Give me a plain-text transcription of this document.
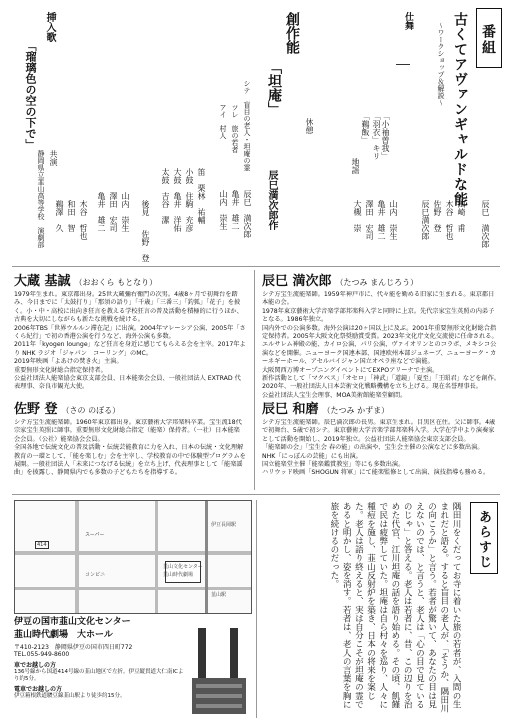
番組
古くてアヴァンギャルドな能
～ワークショップ＆解説～
仕舞
「小袖曽我」
「羽衣」キリ
「鵜飯」
地謡
田崎　甫
木谷　哲也
佐野　登
辰巳満次郎
山内　崇生
亀井　雄二
澤田　宏司
大槻　崇	辰巳　満次郎
休憩
創作能
「坦庵」
辰巳満次郎作
シテ　盲目の老人・坦庵の霊
ツレ　旅の若者
アイ　村人
辰巳　満次郎
亀井　雄二
山内　崇生
笛　栗林　祐輔
小鼓　住駒　充彦
大鼓　亀井　洋佑
太鼓　吉谷　潔
後見
佐野　登
山内　崇生
澤田　宏司
亀井　雄二
挿入歌
「瑠璃色の空の下で」
共演
静岡県立韮山高等学校　演劇部	木谷　哲也
和田　智
鵜澤　久
大蔵 基誠 （おおくら もとなり）
1979年生まれ。東京都出身。25世大蔵彌右衛門の次男。4歳8ヶ月で初舞台を踏み、今日までに「太鼓打り」「那須の語り」「千歳」「三番三」「釣狐」「花子」を披く。小・中・高校に出向き狂言を教える学校狂言の普及活動を積極的に行うほか、古典を大切にしながらも新たな挑戦を続ける。
2006年TBS「世界ウルルン滞在記」に出演。2004年マレーシア公演、2005年「さくら紀行」で初の香港公演を行うなど、海外公演も多数。
2011年「kyogen lounge」など狂言を身近に感じてもらえる会を主宰。2017年より NHK ラジオ「ジャパン　コーリング」のMC。
2019年映画「よあけの焚き火」主演。
重要無形文化財総合指定保持者。
公益社団法人能楽協会東京支部会員、日本能楽会会員、一般社団法人 EXTRAD 代表理事、奈良市観光大使。
佐野 登 （さの のぼる）
シテ方宝生流能楽師。1960年東京都出身。東京藝術大学邦楽科卒業。宝生流18代宗家宝生英照に師事。重要無形文化財総合指定（能楽）保持者。（一社）日本能楽会会員。（公社）能楽協会会員。
全国各地で伝統文化の普及活動・伝統芸能教育に力を入れ、日本の伝統・文化理解教育の一環として、「能を楽しむ」会を主宰し、学校教育の中で体験型プログラムを展開。一般社団法人「未来につなげる伝統」を立ち上げ、代表理事として「能楽謡曲」を披露し、静岡県内でも多数の子どもたちを指導する。
辰巳 満次郎 （たつみ まんじろう）
シテ方宝生流能楽師。1959年神戸市に、代々能を勤める旧家に生まれる。東京都日本能の会。
1978年東京藝術大学音楽学部邦楽科入学と同時に上京。先代宗家宝生英照の内弟子となる。1986年独立。
国内外での公演多数。海外公演は20ヶ国以上に及ぶ。2001年重要無形文化財総合指定保持者。2005年大阪文化祭奨励賞受賞。2023年文化庁文化交流使に任命される。
エルサレム神殿の能、カイロ公演、パリ公演、ヴァイオリンとのコラボ、メキシコ公演などを開催。ニューヨーク国連本部、国連欧州本部ジュネーブ、ニューヨーク・カーネギーホール、アセルバイジャン国立オペラ座などで演能。
大阪関西万博オープニングイベントにてEXPOアリーナで主演。
新作活動として「マクベス」「オセロ」「神武」「道鏡」「夏至」「王昭君」などを創作。
2020年、一般社団法人日本芸術文化戦略機構を立ち上げる。現在名誉理事長。
公益社団法人宝生会理事、MOA美術館能楽堂顧問。
辰巳 和磨 （たつみ かずま）
シテ方宝生流能楽師。辰巳満次郎の長男。東京生まれ。目黒区在住。父に師事。4歳で初舞台、5歳で初シテ。東京藝術大学音楽学部邦楽科入学。大学在学中より演奏家として活動を開始し、2019年独立。公益社団法人能楽協会東京支部会員。
「能楽師の会」「宝生会 春の能」の出演や、宝生会主催の公演などに多数出演。
NHK「にっぽんの芸能」にも出演。
国立能楽堂主催「能楽鑑賞教室」等にも多数出演。
ハリウッド映画「SHOGUN 将軍」にて能楽監修として出演、演技指導も務める。
韮山文化センター
韮山時代劇場
伊豆長岡駅
韮山駅
スーパー
コンビニ
414
伊豆の国市韮山文化センター
韮山時代劇場　大ホール
〒410-2123　静岡県伊豆の国市四日町772
TEL.055-949-8600
車でお越しの方
136号線から国道414号線の韮山地区で左折。伊豆縦貫道大仁南ICより約5分。
電車でお越しの方
伊豆箱根鉄道駿豆線韮山駅より徒歩約15分。
あらすじ
隅田川をくだってお寺に着いた旅の若者が、入間の生まれだと語る。すると盲目の老人が、「そうか、隅田川の向こうか」と言う。若者が驚いて、あなたの目は見えないのでは、と言うと、老人は「心の目で見ているのじゃ」と答える。老人は若者に、昔、この辺りを治めた代官、江川坦庵の話を語り始める。その頃、飢饉で民は疲弊していた。坦庵は自ら村々を巡り、人々に種痘を施し、韮山反射炉を築き、日本の将来を案じた。老人は語り終えると、実は自分こそが坦庵の霊であると明かし、姿を消す。若者は、老人の言葉を胸に旅を続けるのだった。
